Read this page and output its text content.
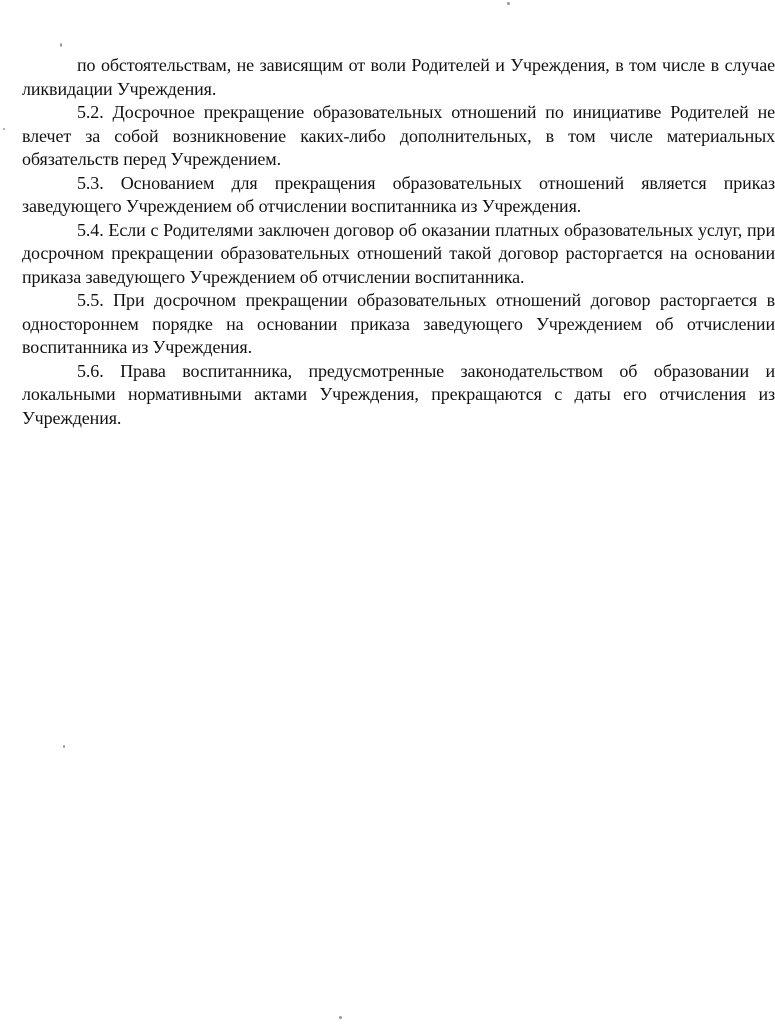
по обстоятельствам, не зависящим от воли Родителей и Учреждения, в том числе в случае ликвидации Учреждения.

5.2. Досрочное прекращение образовательных отношений по инициативе Родителей не влечет за собой возникновение каких-либо дополнительных, в том числе материальных обязательств перед Учреждением.

5.3. Основанием для прекращения образовательных отношений является приказ заведующего Учреждением об отчислении воспитанника из Учреждения.

5.4. Если с Родителями заключен договор об оказании платных образовательных услуг, при досрочном прекращении образовательных отношений такой договор расторгается на основании приказа заведующего Учреждением об отчислении воспитанника.

5.5. При досрочном прекращении образовательных отношений договор расторгается в одностороннем порядке на основании приказа заведующего Учреждением об отчислении воспитанника из Учреждения.

5.6. Права воспитанника, предусмотренные законодательством об образовании и локальными нормативными актами Учреждения, прекращаются с даты его отчисления из Учреждения.
